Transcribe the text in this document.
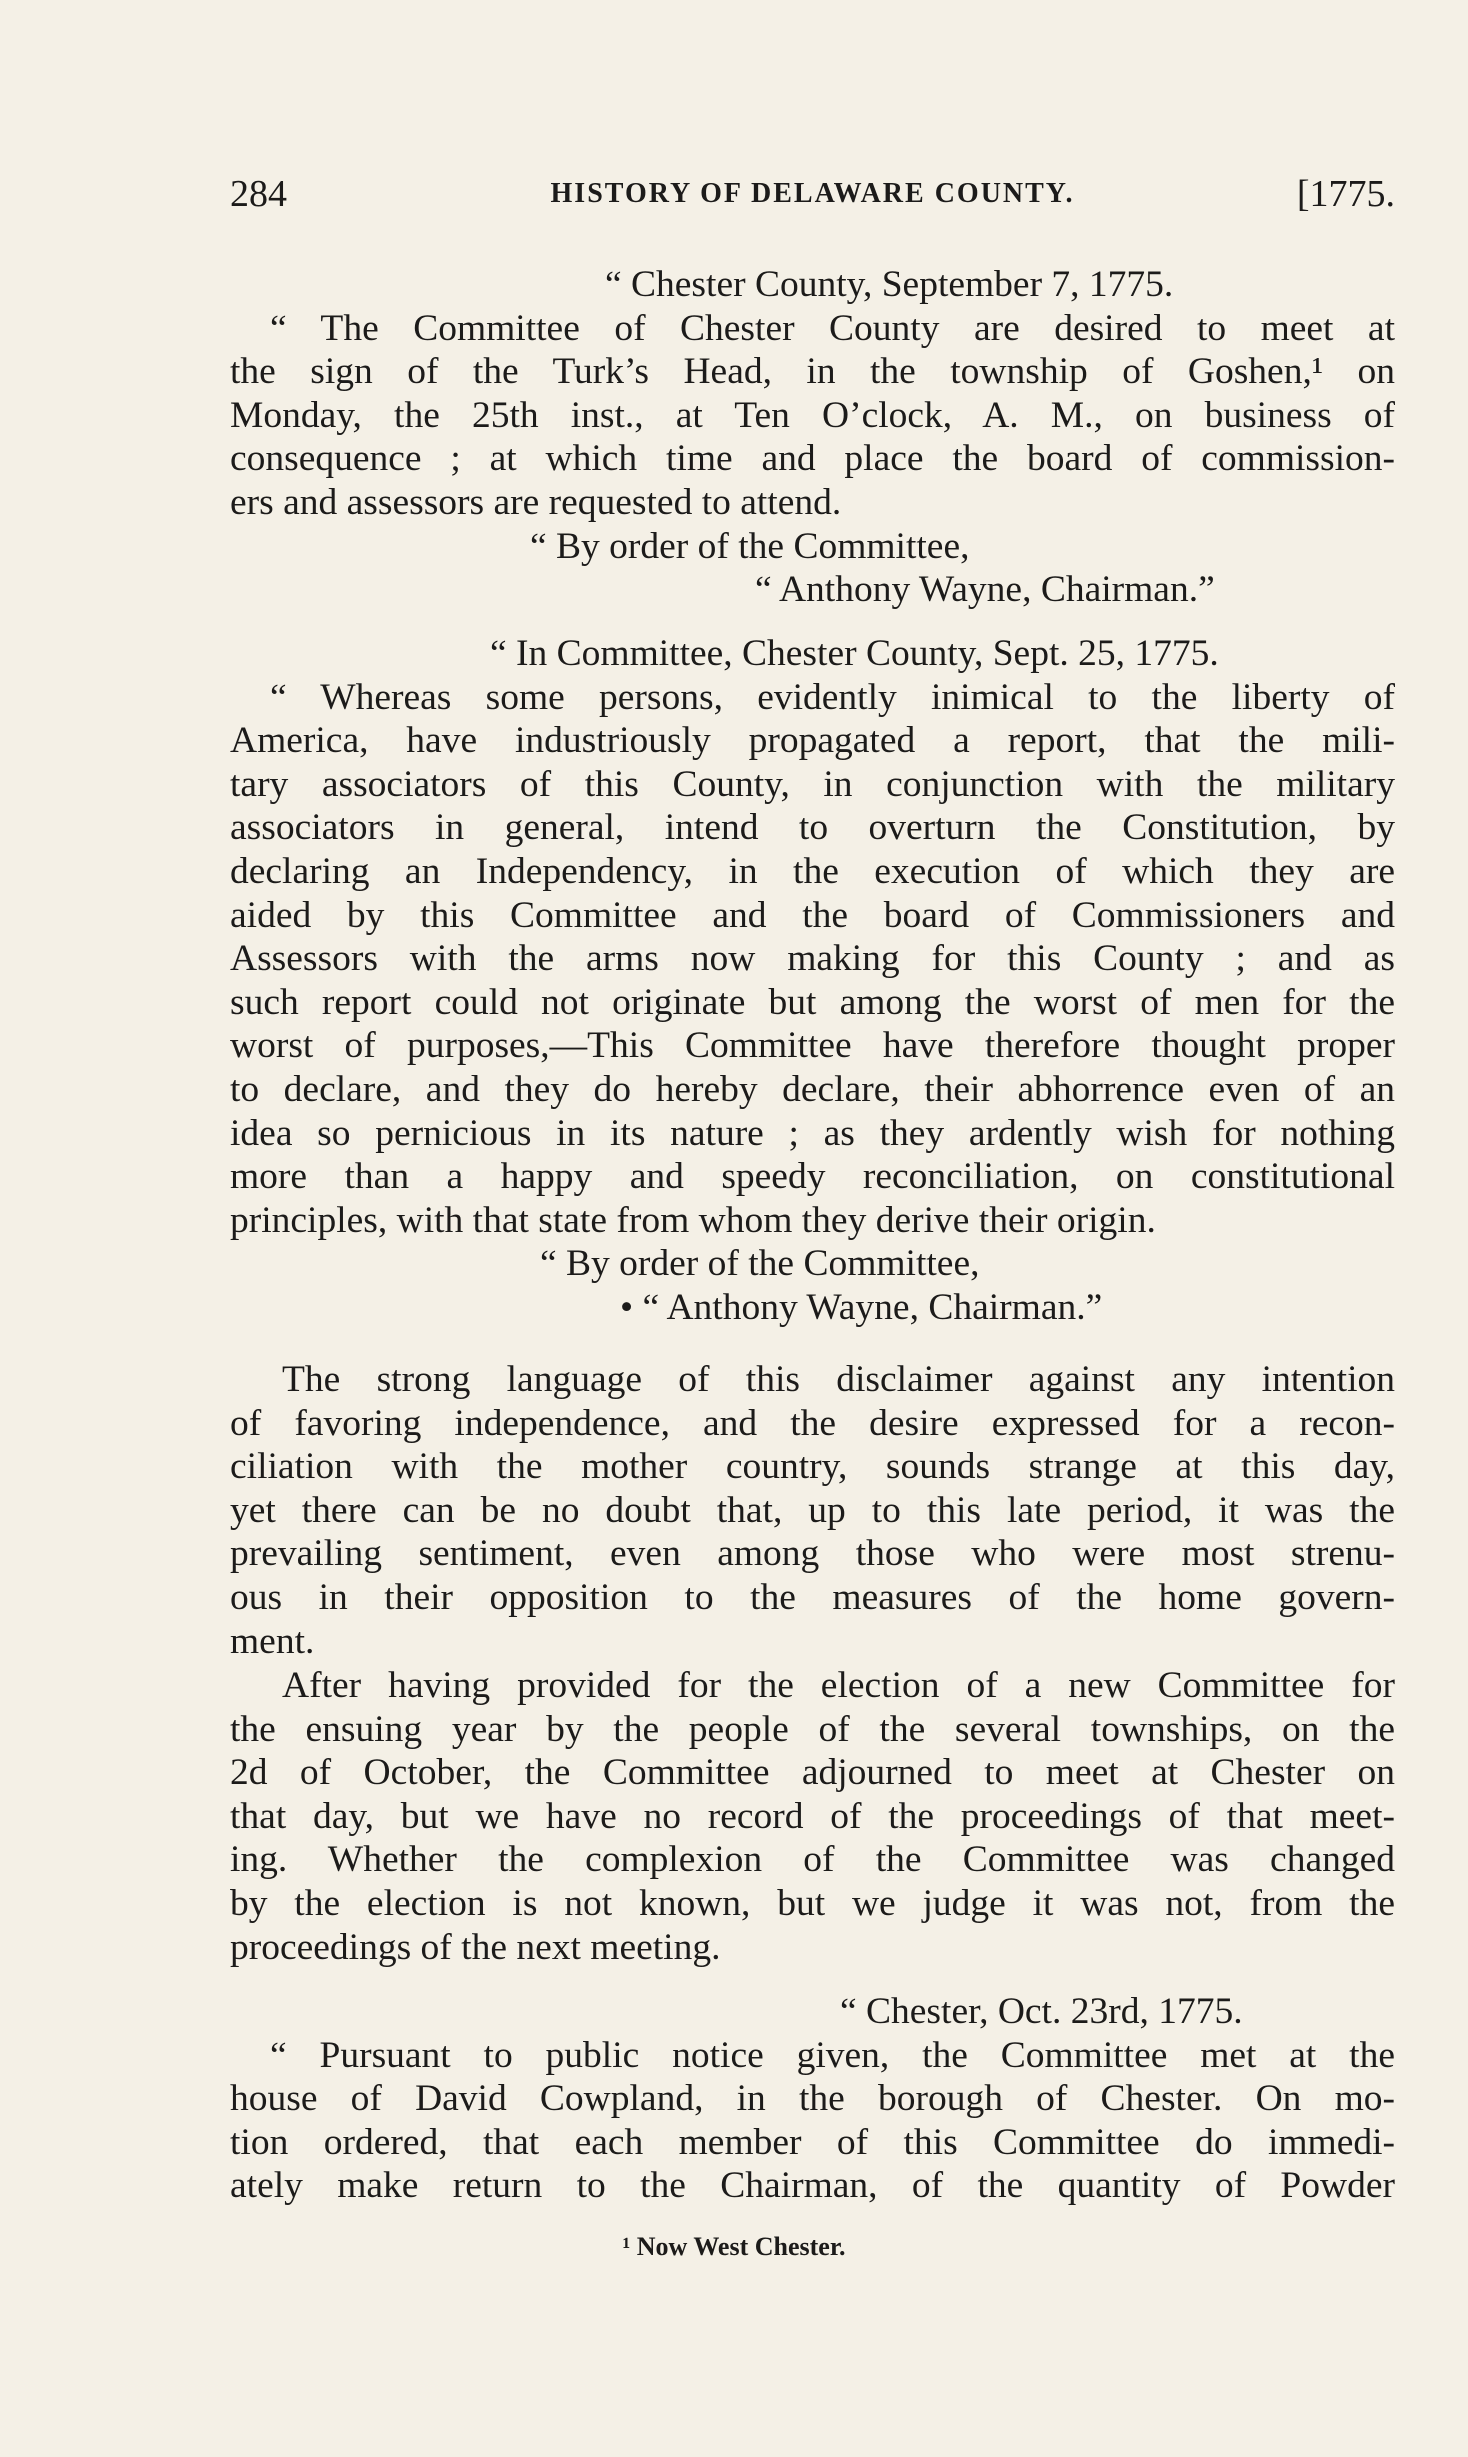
284	HISTORY OF DELAWARE COUNTY.	[1775.
“ Chester County, September 7, 1775.
“ The Committee of Chester County are desired to meet at
the sign of the Turk’s Head, in the township of Goshen,¹ on
Monday, the 25th inst., at Ten O’clock, A. M., on business of
consequence ; at which time and place the board of commission-
ers and assessors are requested to attend.
“ By order of the Committee,
“ Anthony Wayne, Chairman.”
“ In Committee, Chester County, Sept. 25, 1775.
“ Whereas some persons, evidently inimical to the liberty of
America, have industriously propagated a report, that the mili-
tary associators of this County, in conjunction with the military
associators in general, intend to overturn the Constitution, by
declaring an Independency, in the execution of which they are
aided by this Committee and the board of Commissioners and
Assessors with the arms now making for this County ; and as
such report could not originate but among the worst of men for the
worst of purposes,—This Committee have therefore thought proper
to declare, and they do hereby declare, their abhorrence even of an
idea so pernicious in its nature ; as they ardently wish for nothing
more than a happy and speedy reconciliation, on constitutional
principles, with that state from whom they derive their origin.
“ By order of the Committee,
• “ Anthony Wayne, Chairman.”
The strong language of this disclaimer against any intention
of favoring independence, and the desire expressed for a recon-
ciliation with the mother country, sounds strange at this day,
yet there can be no doubt that, up to this late period, it was the
prevailing sentiment, even among those who were most strenu-
ous in their opposition to the measures of the home govern-
ment.
After having provided for the election of a new Committee for
the ensuing year by the people of the several townships, on the
2d of October, the Committee adjourned to meet at Chester on
that day, but we have no record of the proceedings of that meet-
ing. Whether the complexion of the Committee was changed
by the election is not known, but we judge it was not, from the
proceedings of the next meeting.
“ Chester, Oct. 23rd, 1775.
“ Pursuant to public notice given, the Committee met at the
house of David Cowpland, in the borough of Chester. On mo-
tion ordered, that each member of this Committee do immedi-
ately make return to the Chairman, of the quantity of Powder
¹ Now West Chester.
